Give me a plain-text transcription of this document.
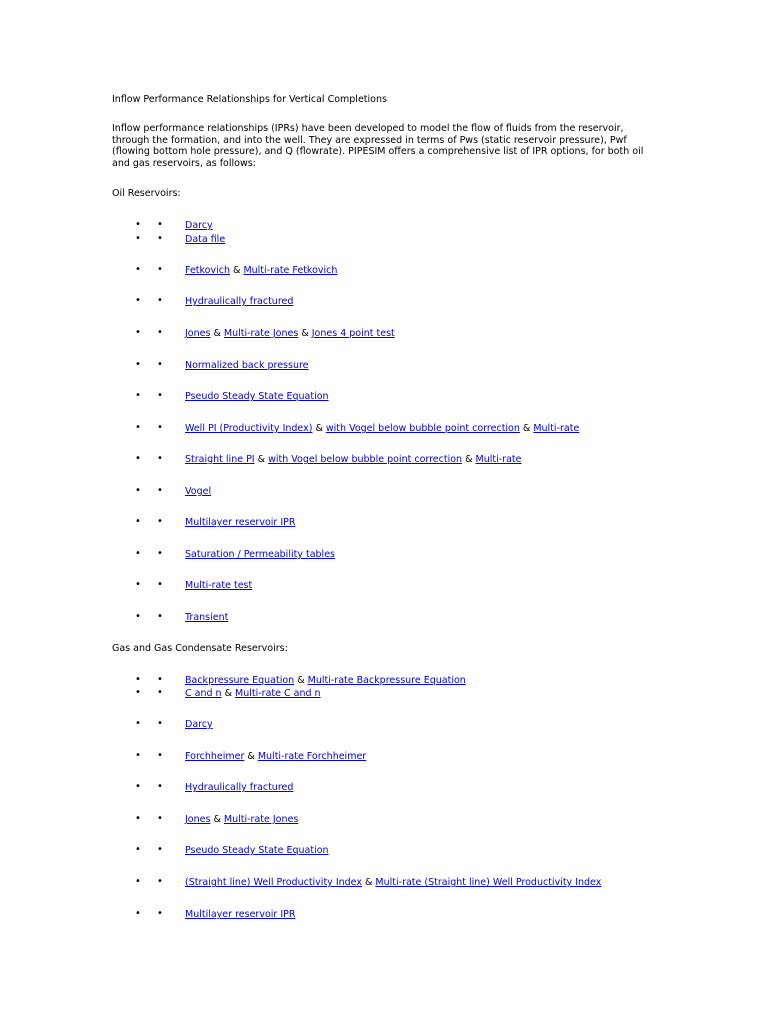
Inflow Performance Relationships for Vertical Completions
Inflow performance relationships (IPRs) have been developed to model the flow of fluids from the reservoir, through the formation, and into the well. They are expressed in terms of Pws (static reservoir pressure), Pwf (flowing bottom hole pressure), and Q (flowrate). PIPESIM offers a comprehensive list of IPR options, for both oil and gas reservoirs, as follows:
Oil Reservoirs:
• • Darcy
• • Data file
• • Fetkovich & Multi-rate Fetkovich
• • Hydraulically fractured
• • Jones & Multi-rate Jones & Jones 4 point test
• • Normalized back pressure
• • Pseudo Steady State Equation
• • Well PI (Productivity Index) & with Vogel below bubble point correction & Multi-rate
• • Straight line PI & with Vogel below bubble point correction & Multi-rate
• • Vogel
• • Multilayer reservoir IPR
• • Saturation / Permeability tables
• • Multi-rate test
• • Transient
Gas and Gas Condensate Reservoirs:
• • Backpressure Equation & Multi-rate Backpressure Equation
• • C and n & Multi-rate C and n
• • Darcy
• • Forchheimer & Multi-rate Forchheimer
• • Hydraulically fractured
• • Jones & Multi-rate Jones
• • Pseudo Steady State Equation
• • (Straight line) Well Productivity Index & Multi-rate (Straight line) Well Productivity Index
• • Multilayer reservoir IPR
